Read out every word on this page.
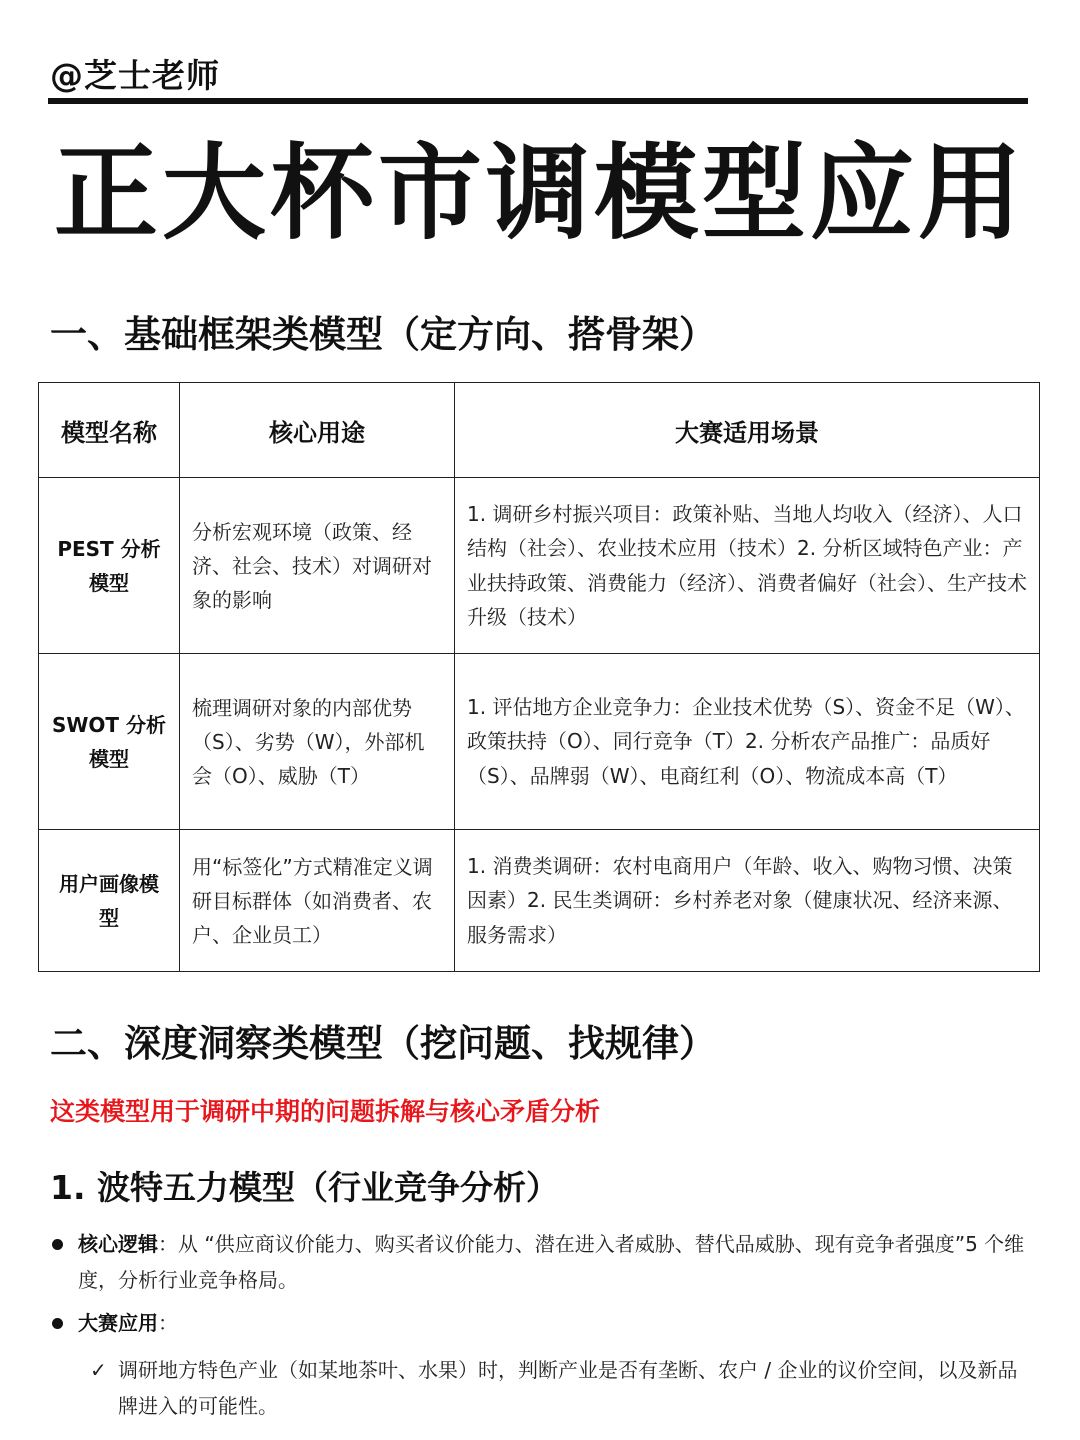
@芝士老师
正大杯市调模型应用
一、基础框架类模型（定方向、搭骨架）
模型名称	核心用途	大赛适用场景
PEST 分析模型	分析宏观环境（政策、经济、社会、技术）对调研对象的影响	1. 调研乡村振兴项目：政策补贴、当地人均收入（经济）、人口结构（社会）、农业技术应用（技术）2. 分析区域特色产业：产业扶持政策、消费能力（经济）、消费者偏好（社会）、生产技术升级（技术）
SWOT 分析模型	梳理调研对象的内部优势（S）、劣势（W），外部机会（O）、威胁（T）	1. 评估地方企业竞争力：企业技术优势（S）、资金不足（W）、政策扶持（O）、同行竞争（T）2. 分析农产品推广：品质好（S）、品牌弱（W）、电商红利（O）、物流成本高（T）
用户画像模型	用“标签化”方式精准定义调研目标群体（如消费者、农户、企业员工）	1. 消费类调研：农村电商用户（年龄、收入、购物习惯、决策因素）2. 民生类调研：乡村养老对象（健康状况、经济来源、服务需求）
二、深度洞察类模型（挖问题、找规律）
这类模型用于调研中期的问题拆解与核心矛盾分析
1. 波特五力模型（行业竞争分析）
核心逻辑：从 “供应商议价能力、购买者议价能力、潜在进入者威胁、替代品威胁、现有竞争者强度”5 个维度，分析行业竞争格局。
大赛应用：
✓ 调研地方特色产业（如某地茶叶、水果）时，判断产业是否有垄断、农户 / 企业的议价空间，以及新品牌进入的可能性。
